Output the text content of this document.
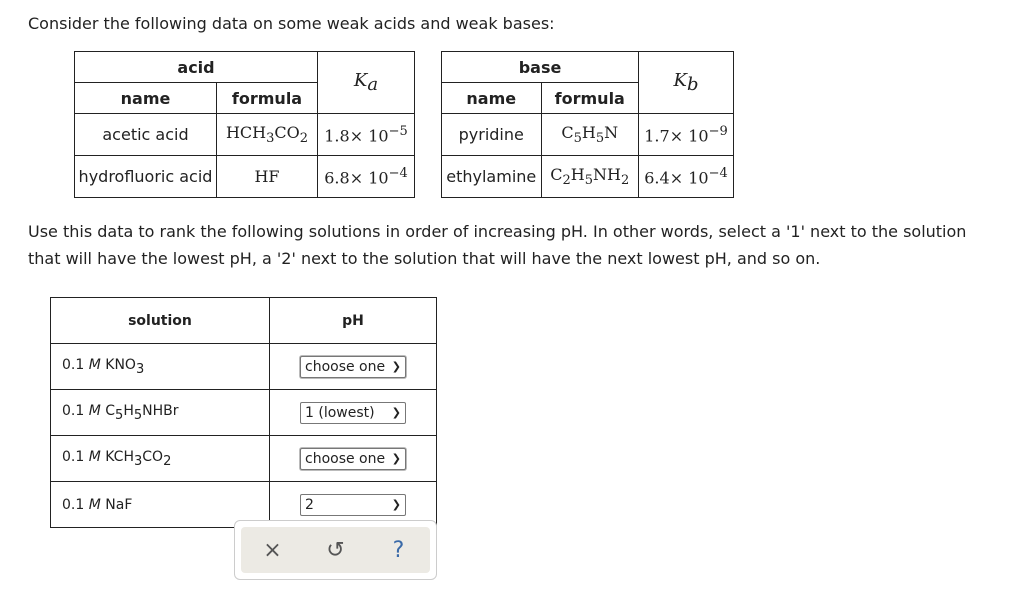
Consider the following data on some weak acids and weak bases:
acid		$K_a$
name	formula	
acetic acid	$HCH_3CO_2$	$1.8\times 10^{-5}$
hydrofluoric acid	HF	$6.8\times 10^{-4}$
base		$K_b$
name	formula	
pyridine	$C_5H_5N$	$1.7\times 10^{-9}$
ethylamine	$C_2H_5NH_2$	$6.4\times 10^{-4}$
Use this data to rank the following solutions in order of increasing pH. In other words, select a '1' next to the solution that will have the lowest pH, a '2' next to the solution that will have the next lowest pH, and so on.
solution	pH
0.1 M $KNO_3$	choose one ❯

0.1 M $C_5H_5NHBr$	1 (lowest) ❯

0.1 M $KCH_3CO_2$	choose one ❯

0.1 M NaF	2 ❯
×	↺	?
